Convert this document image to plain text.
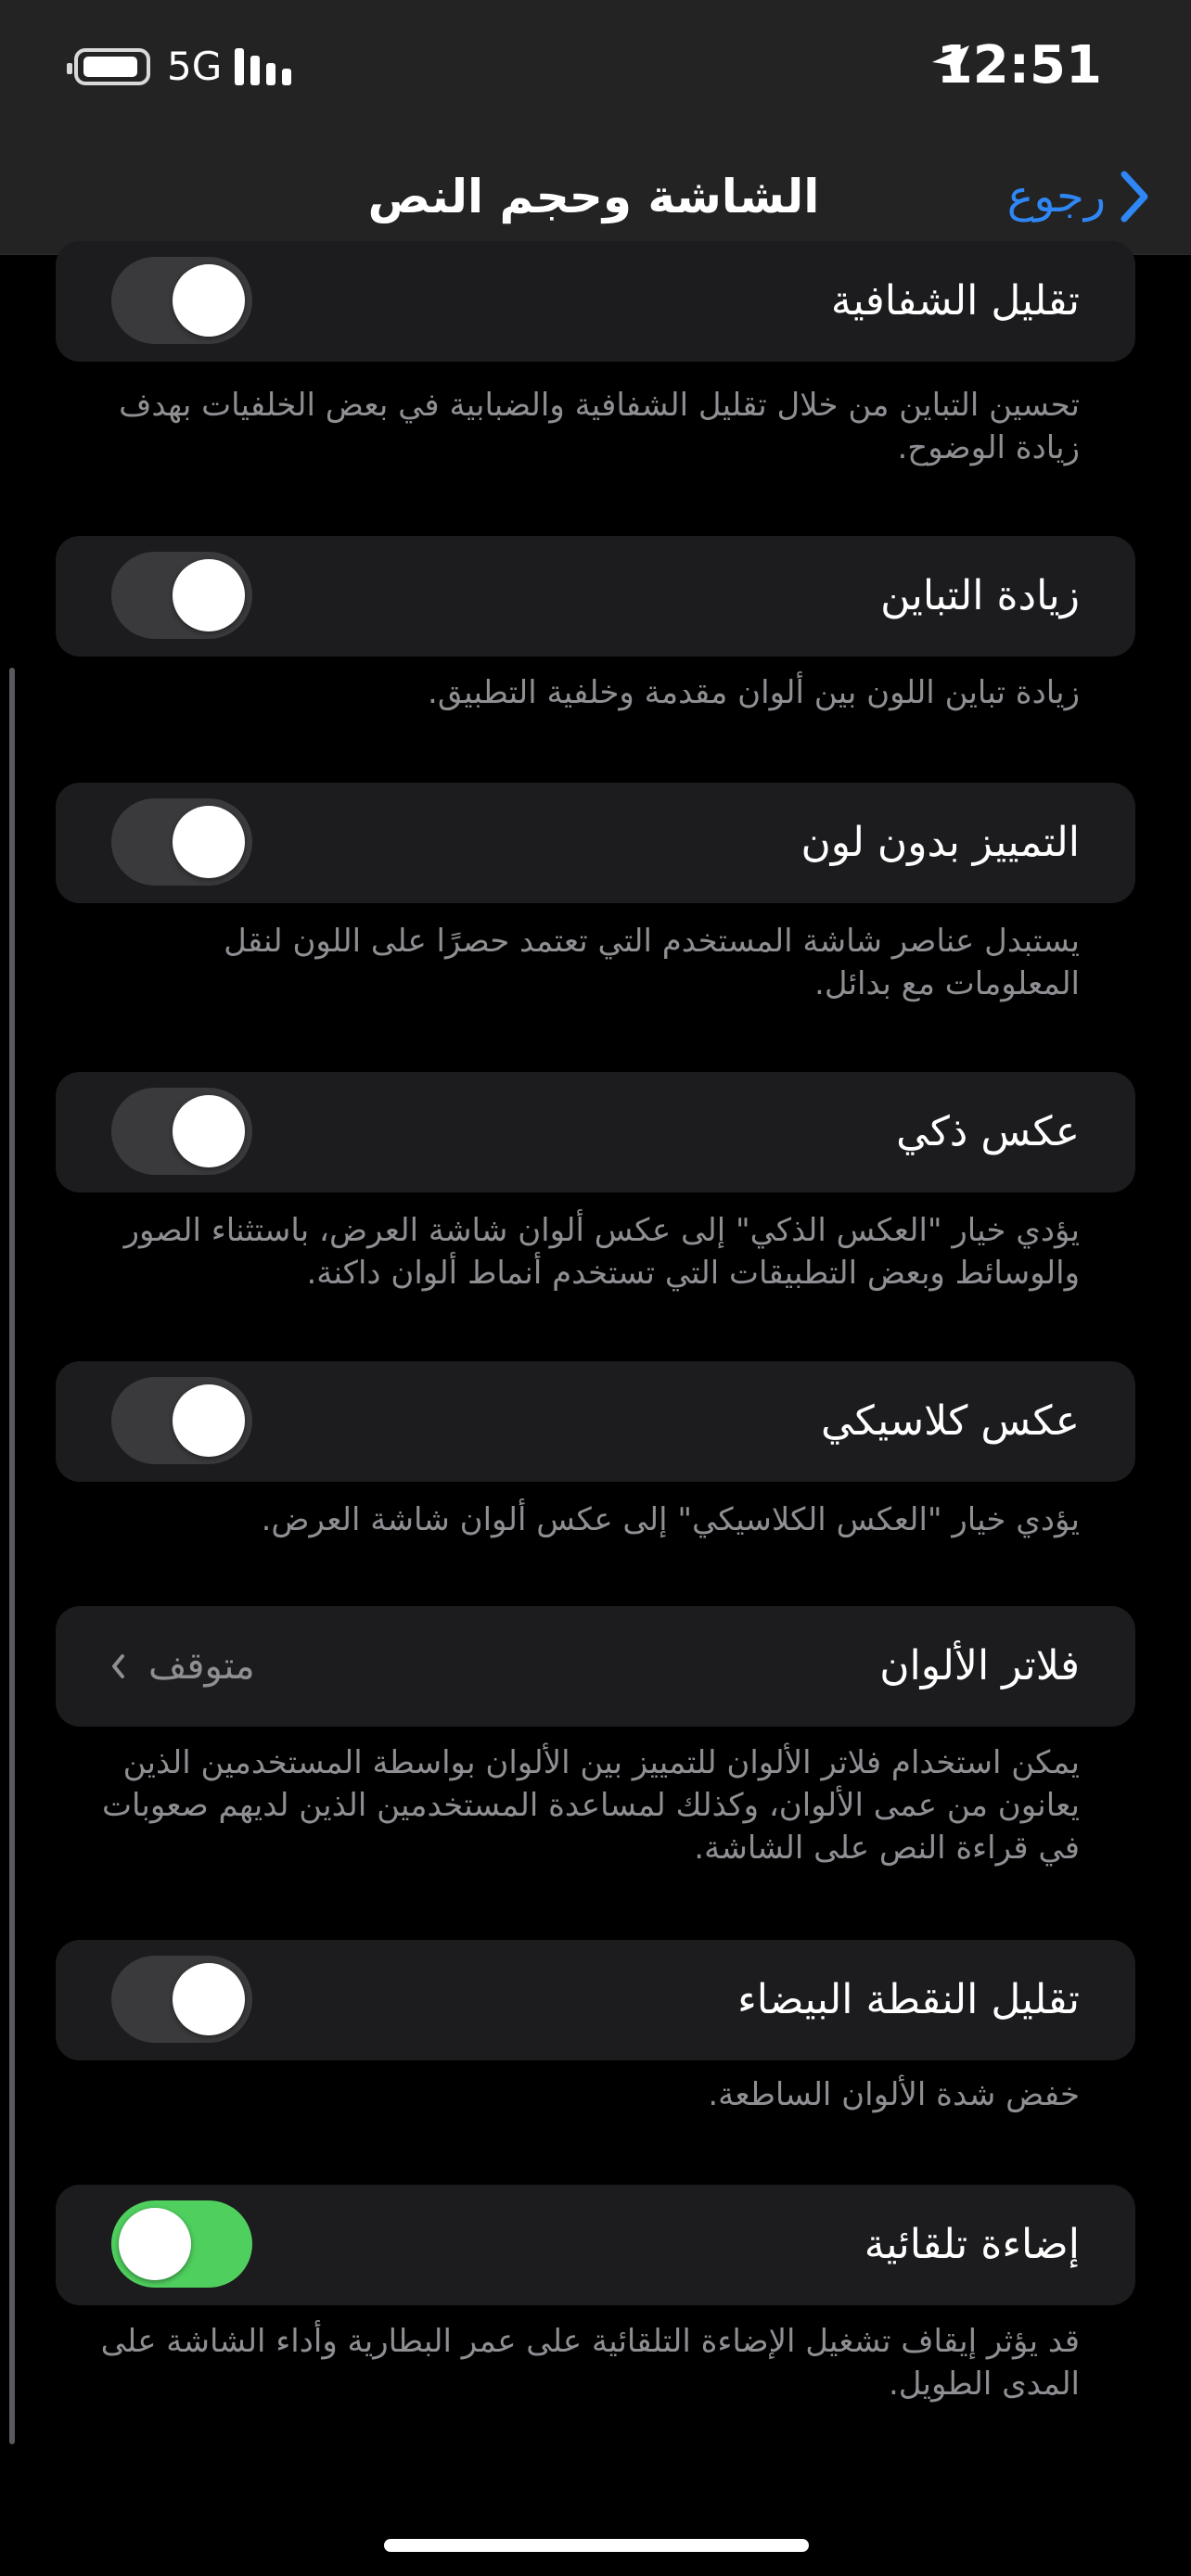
5G	12:51
رجوع
الشاشة وحجم النص
تقليل الشفافية
تحسين التباين من خلال تقليل الشفافية والضبابية في بعض الخلفيات بهدف زيادة الوضوح.
زيادة التباين
زيادة تباين اللون بين ألوان مقدمة وخلفية التطبيق.
التمييز بدون لون
يستبدل عناصر شاشة المستخدم التي تعتمد حصرًا على اللون لنقل المعلومات مع بدائل.
عكس ذكي
يؤدي خيار "العكس الذكي" إلى عكس ألوان شاشة العرض، باستثناء الصور والوسائط وبعض التطبيقات التي تستخدم أنماط ألوان داكنة.
عكس كلاسيكي
يؤدي خيار "العكس الكلاسيكي" إلى عكس ألوان شاشة العرض.
فلاتر الألوان
متوقف
يمكن استخدام فلاتر الألوان للتمييز بين الألوان بواسطة المستخدمين الذين يعانون من عمى الألوان، وكذلك لمساعدة المستخدمين الذين لديهم صعوبات في قراءة النص على الشاشة.
تقليل النقطة البيضاء
خفض شدة الألوان الساطعة.
إضاءة تلقائية
قد يؤثر إيقاف تشغيل الإضاءة التلقائية على عمر البطارية وأداء الشاشة على المدى الطويل.
